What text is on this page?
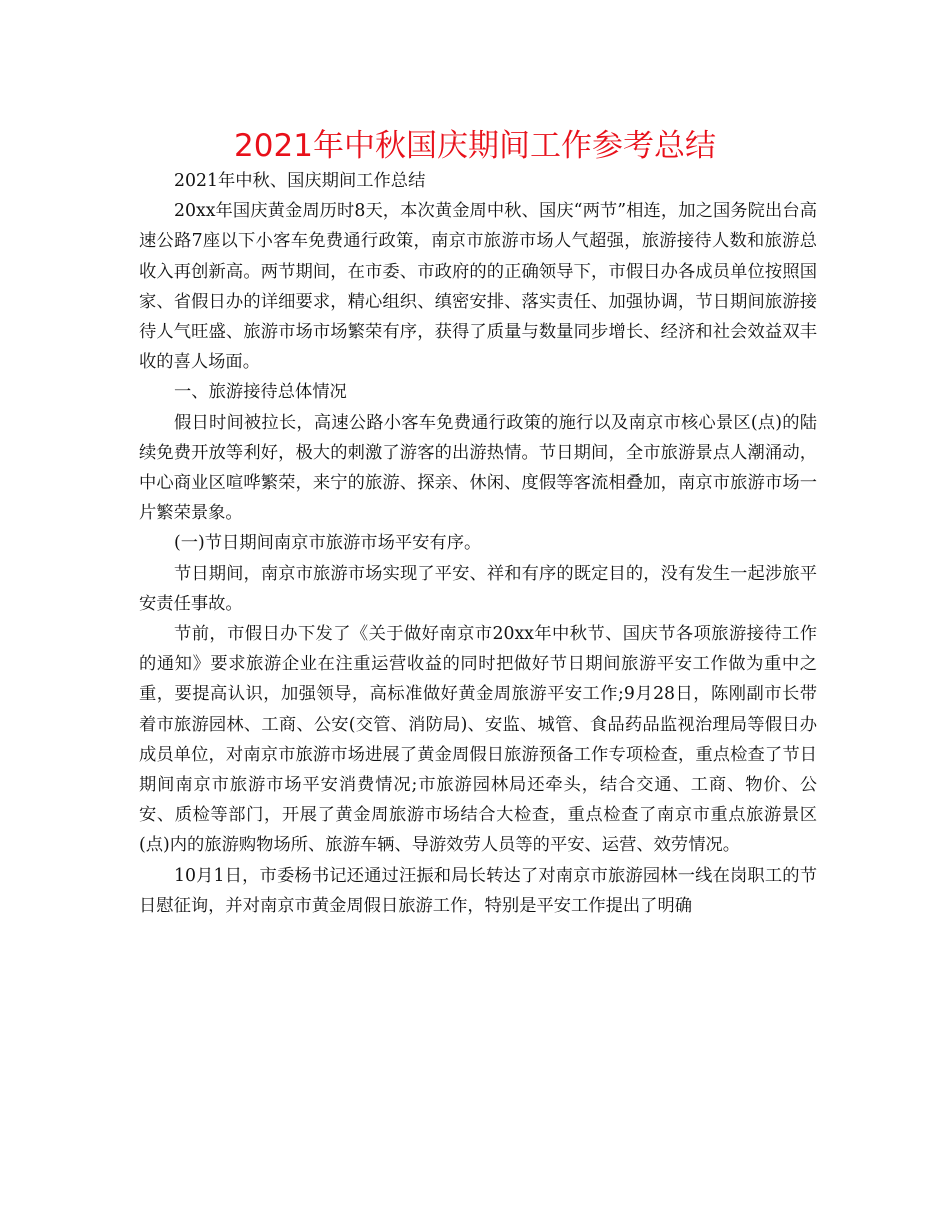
2021年中秋国庆期间工作参考总结

2021年中秋、国庆期间工作总结

20xx年国庆黄金周历时8天，本次黄金周中秋、国庆“两节”相连，加之国务院出台高速公路7座以下小客车免费通行政策，南京市旅游市场人气超强，旅游接待人数和旅游总收入再创新高。两节期间，在市委、市政府的的正确领导下，市假日办各成员单位按照国家、省假日办的详细要求，精心组织、缜密安排、落实责任、加强协调，节日期间旅游接待人气旺盛、旅游市场市场繁荣有序，获得了质量与数量同步增长、经济和社会效益双丰收的喜人场面。

一、旅游接待总体情况

假日时间被拉长，高速公路小客车免费通行政策的施行以及南京市核心景区(点)的陆续免费开放等利好，极大的刺激了游客的出游热情。节日期间，全市旅游景点人潮涌动，中心商业区喧哗繁荣，来宁的旅游、探亲、休闲、度假等客流相叠加，南京市旅游市场一片繁荣景象。

(一)节日期间南京市旅游市场平安有序。

节日期间，南京市旅游市场实现了平安、祥和有序的既定目的，没有发生一起涉旅平安责任事故。

节前，市假日办下发了《关于做好南京市20xx年中秋节、国庆节各项旅游接待工作的通知》要求旅游企业在注重运营收益的同时把做好节日期间旅游平安工作做为重中之重，要提高认识，加强领导，高标准做好黄金周旅游平安工作;9月28日，陈刚副市长带着市旅游园林、工商、公安(交管、消防局)、安监、城管、食品药品监视治理局等假日办成员单位，对南京市旅游市场进展了黄金周假日旅游预备工作专项检查，重点检查了节日期间南京市旅游市场平安消费情况;市旅游园林局还牵头，结合交通、工商、物价、公安、质检等部门，开展了黄金周旅游市场结合大检查，重点检查了南京市重点旅游景区(点)内的旅游购物场所、旅游车辆、导游效劳人员等的平安、运营、效劳情况。

10月1日，市委杨书记还通过汪振和局长转达了对南京市旅游园林一线在岗职工的节日慰征询，并对南京市黄金周假日旅游工作，特别是平安工作提出了明确
